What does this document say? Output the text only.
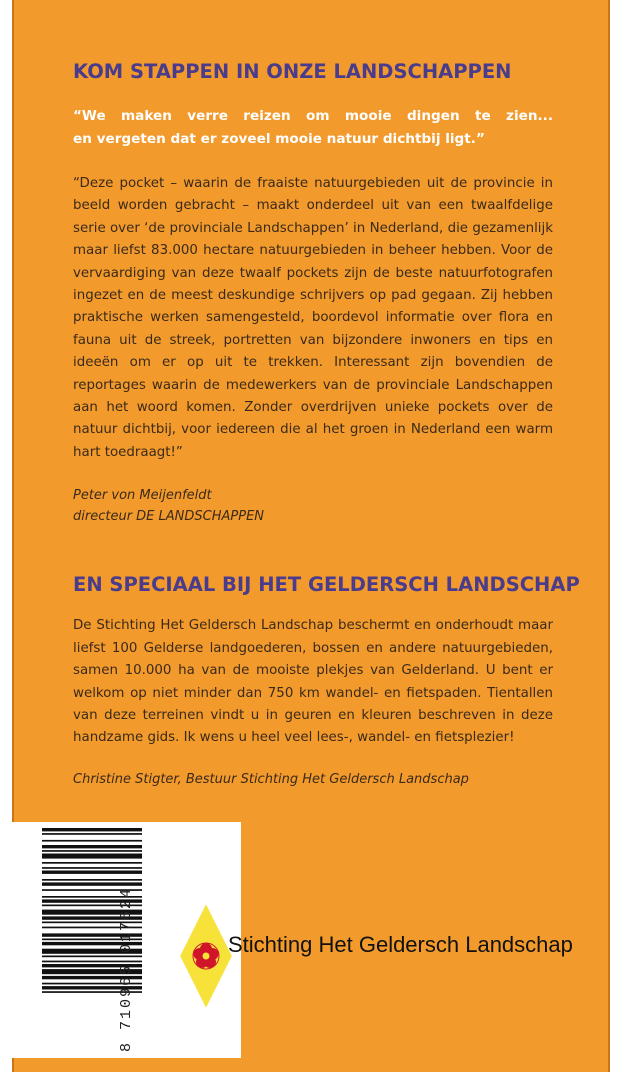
KOM STAPPEN IN ONZE LANDSCHAPPEN
“We maken verre reizen om mooie dingen te zien...
en vergeten dat er zoveel mooie natuur dichtbij ligt.”

“Deze pocket – waarin de fraaiste natuurgebieden uit de provincie in beeld worden gebracht – maakt onderdeel uit van een twaalfdelige serie over ‘de provinciale Landschappen’ in Nederland, die gezamenlijk maar liefst 83.000 hectare natuurgebieden in beheer hebben. Voor de vervaardiging van deze twaalf pockets zijn de beste natuurfotografen ingezet en de meest deskundige schrijvers op pad gegaan. Zij hebben praktische werken samengesteld, boordevol informatie over flora en fauna uit de streek, portretten van bijzondere inwoners en tips en ideeën om er op uit te trekken. Interessant zijn bovendien de reportages waarin de medewerkers van de provinciale Landschappen aan het woord komen. Zonder overdrijven unieke pockets over de natuur dichtbij, voor iedereen die al het groen in Nederland een warm hart toedraagt!”

Peter von Meijenfeldt
directeur DE LANDSCHAPPEN
EN SPECIAAL BIJ HET GELDERSCH LANDSCHAP

De Stichting Het Geldersch Landschap beschermt en onderhoudt maar liefst 100 Gelderse landgoederen, bossen en andere natuurgebieden, samen 10.000 ha van de mooiste plekjes van Gelderland. U bent er welkom op niet minder dan 750 km wandel- en fietspaden. Tientallen van deze terreinen vindt u in geuren en kleuren beschreven in deze handzame gids. Ik wens u heel veel lees-, wandel- en fietsplezier!

Christine Stigter, Bestuur Stichting Het Geldersch Landschap
8 710965 017624
ISSN 1567-0783 ƒ 15.00 - € 6.80 Stichting Het Geldersch Landschap
